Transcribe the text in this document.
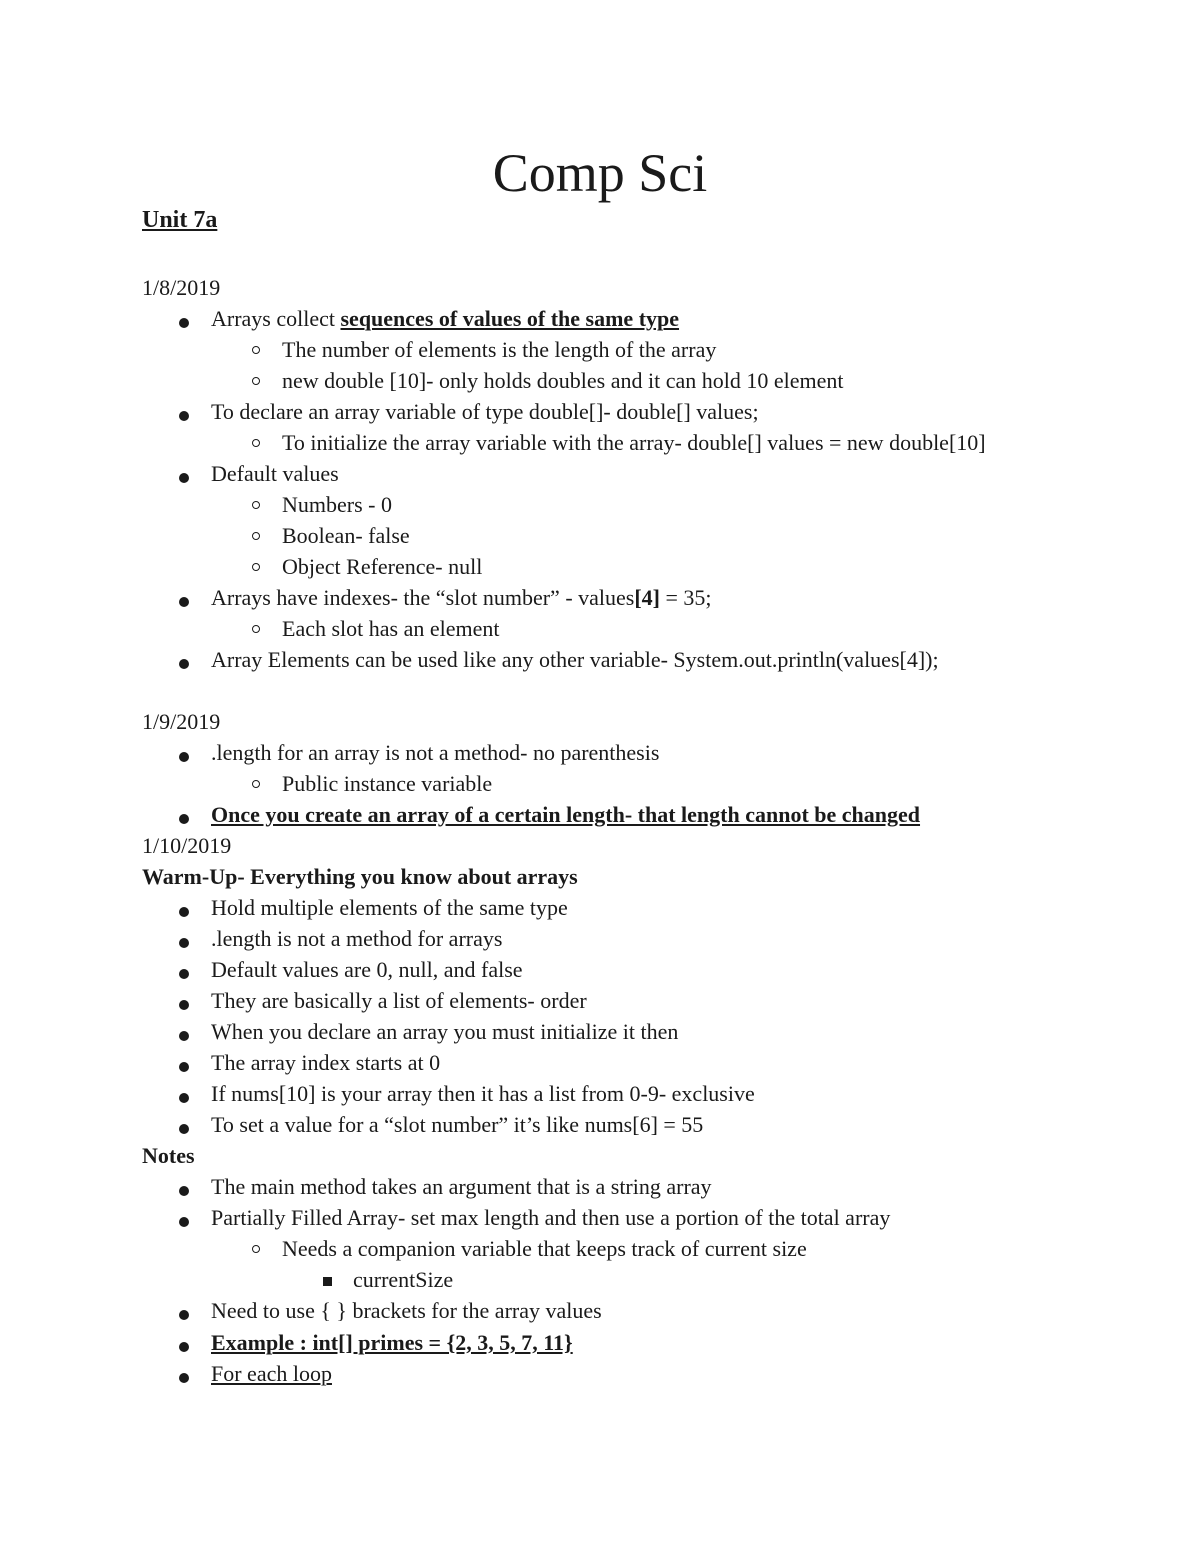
Comp Sci
Unit 7a
1/8/2019
Arrays collect sequences of values of the same type
The number of elements is the length of the array
new double [10]- only holds doubles and it can hold 10 element
To declare an array variable of type double[]- double[] values;
To initialize the array variable with the array- double[] values = new double[10]
Default values
Numbers - 0
Boolean- false
Object Reference- null
Arrays have indexes- the “slot number” - values[4] = 35;
Each slot has an element
Array Elements can be used like any other variable- System.out.println(values[4]);
1/9/2019
.length for an array is not a method- no parenthesis
Public instance variable
Once you create an array of a certain length- that length cannot be changed
1/10/2019
Warm-Up- Everything you know about arrays
Hold multiple elements of the same type
.length is not a method for arrays
Default values are 0, null, and false
They are basically a list of elements- order
When you declare an array you must initialize it then
The array index starts at 0
If nums[10] is your array then it has a list from 0-9- exclusive
To set a value for a “slot number” it’s like nums[6] = 55
Notes
The main method takes an argument that is a string array
Partially Filled Array- set max length and then use a portion of the total array
Needs a companion variable that keeps track of current size
currentSize
Need to use { } brackets for the array values
Example : int[] primes = {2, 3, 5, 7, 11}
For each loop
